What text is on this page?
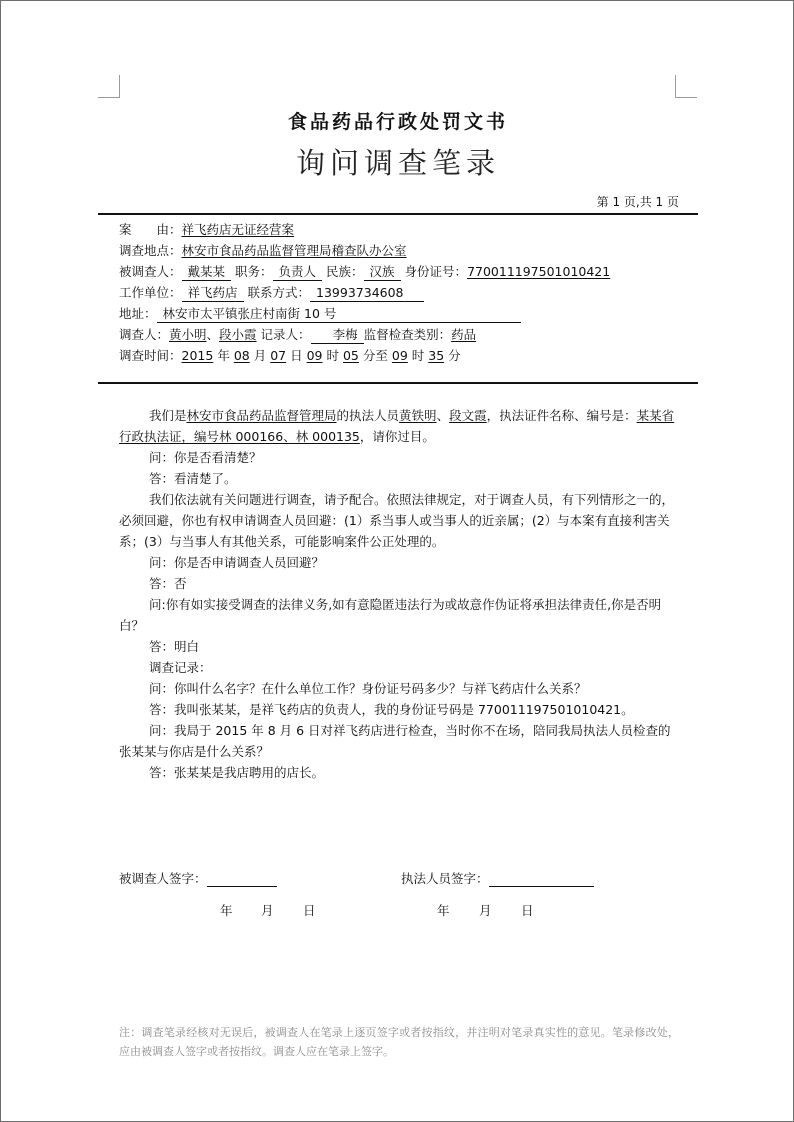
食品药品行政处罚文书
询问调查笔录
第 1 页,共 1 页
案　　由：祥飞药店无证经营案
调查地点：林安市食品药品监督管理局稽查队办公室
被调查人： 戴某某 职务： 负责人 民族： 汉族 身份证号：770011197501010421
工作单位： 祥飞药店 联系方式： 13993734608
地址： 林安市太平镇张庄村南街 10 号
调查人：黄小明、段小霞 记录人： 李梅 监督检查类别：药品
调查时间：2015 年 08 月 07 日 09 时 05 分至 09 时 35 分

我们是林安市食品药品监督管理局的执法人员黄铁明、段文霞，执法证件名称、编号是：某某省行政执法证，编号林 000166、林 000135，请你过目。

问：你是否看清楚？

答：看清楚了。

我们依法就有关问题进行调查，请予配合。依照法律规定，对于调查人员，有下列情形之一的，必须回避，你也有权申请调查人员回避：(1）系当事人或当事人的近亲属；(2）与本案有直接利害关系；(3）与当事人有其他关系，可能影响案件公正处理的。

问：你是否申请调查人员回避？

答：否

问:你有如实接受调查的法律义务,如有意隐匿违法行为或故意作伪证将承担法律责任,你是否明白？

答：明白

调查记录：

问：你叫什么名字？在什么单位工作？身份证号码多少？与祥飞药店什么关系？

答：我叫张某某，是祥飞药店的负责人，我的身份证号码是 770011197501010421。

问：我局于 2015 年 8 月 6 日对祥飞药店进行检查，当时你不在场，陪同我局执法人员检查的张某某与你店是什么关系？

答：张某某是我店聘用的店长。

被调查人签字：	执法人员签字：
年 月 日	年 月 日
注：调查笔录经核对无误后，被调查人在笔录上逐页签字或者按指纹，并注明对笔录真实性的意见。笔录修改处，应由被调查人签字或者按指纹。调查人应在笔录上签字。
